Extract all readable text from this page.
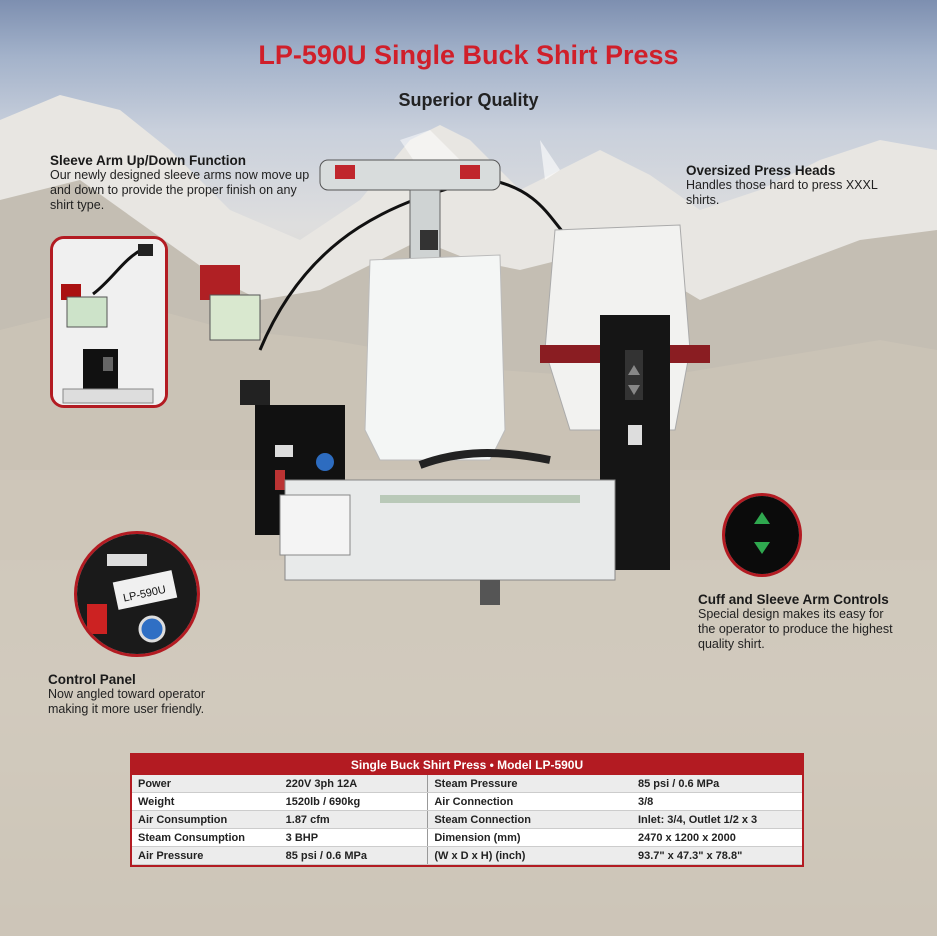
LP-590U Single Buck Shirt Press
Superior Quality
Sleeve Arm Up/Down Function
Our newly designed sleeve arms now move up and down to provide the proper finish on any shirt type.
Oversized Press Heads
Handles those hard to press XXXL shirts.
LP-590U	Cuff and Sleeve Arm Controls
Special design makes its easy for the operator to produce the highest quality shirt.
Control Panel
Now angled toward operator making it more user friendly.
Single Buck Shirt Press • Model LP-590U
Power	220V 3ph 12A	Steam Pressure	85 psi / 0.6 MPa
Weight	1520lb / 690kg	Air Connection	3/8
Air Consumption	1.87 cfm	Steam Connection	Inlet: 3/4, Outlet 1/2 x 3
Steam Consumption	3 BHP	Dimension (mm)	2470 x 1200 x 2000
Air Pressure	85 psi / 0.6 MPa	(W x D x H) (inch)	93.7" x 47.3" x 78.8"
